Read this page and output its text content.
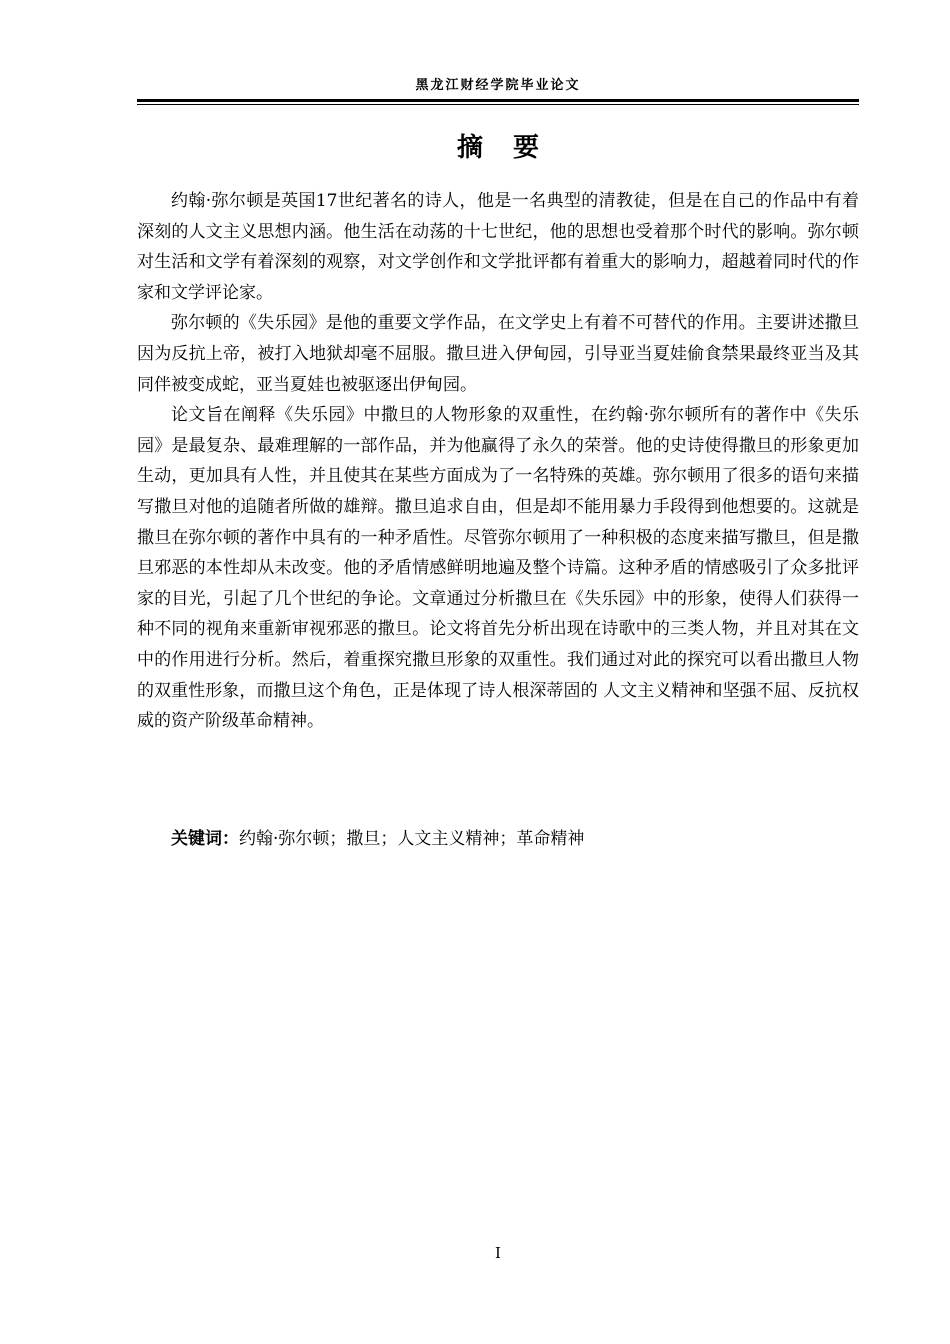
黑龙江财经学院毕业论文
摘要

约翰·弥尔顿是英国17世纪著名的诗人，他是一名典型的清教徒，但是在自己的作品中有着深刻的人文主义思想内涵。他生活在动荡的十七世纪，他的思想也受着那个时代的影响。弥尔顿对生活和文学有着深刻的观察，对文学创作和文学批评都有着重大的影响力，超越着同时代的作家和文学评论家。

弥尔顿的《失乐园》是他的重要文学作品，在文学史上有着不可替代的作用。主要讲述撒旦因为反抗上帝，被打入地狱却毫不屈服。撒旦进入伊甸园，引导亚当夏娃偷食禁果最终亚当及其同伴被变成蛇，亚当夏娃也被驱逐出伊甸园。

论文旨在阐释《失乐园》中撒旦的人物形象的双重性，在约翰·弥尔顿所有的著作中《失乐园》是最复杂、最难理解的一部作品，并为他赢得了永久的荣誉。他的史诗使得撒旦的形象更加生动，更加具有人性，并且使其在某些方面成为了一名特殊的英雄。弥尔顿用了很多的语句来描写撒旦对他的追随者所做的雄辩。撒旦追求自由，但是却不能用暴力手段得到他想要的。这就是撒旦在弥尔顿的著作中具有的一种矛盾性。尽管弥尔顿用了一种积极的态度来描写撒旦，但是撒旦邪恶的本性却从未改变。他的矛盾情感鲜明地遍及整个诗篇。这种矛盾的情感吸引了众多批评家的目光，引起了几个世纪的争论。文章通过分析撒旦在《失乐园》中的形象，使得人们获得一种不同的视角来重新审视邪恶的撒旦。论文将首先分析出现在诗歌中的三类人物，并且对其在文中的作用进行分析。然后，着重探究撒旦形象的双重性。我们通过对此的探究可以看出撒旦人物的双重性形象，而撒旦这个角色，正是体现了诗人根深蒂固的 人文主义精神和坚强不屈、反抗权威的资产阶级革命精神。

关键词：约翰·弥尔顿；撒旦；人文主义精神；革命精神
I
